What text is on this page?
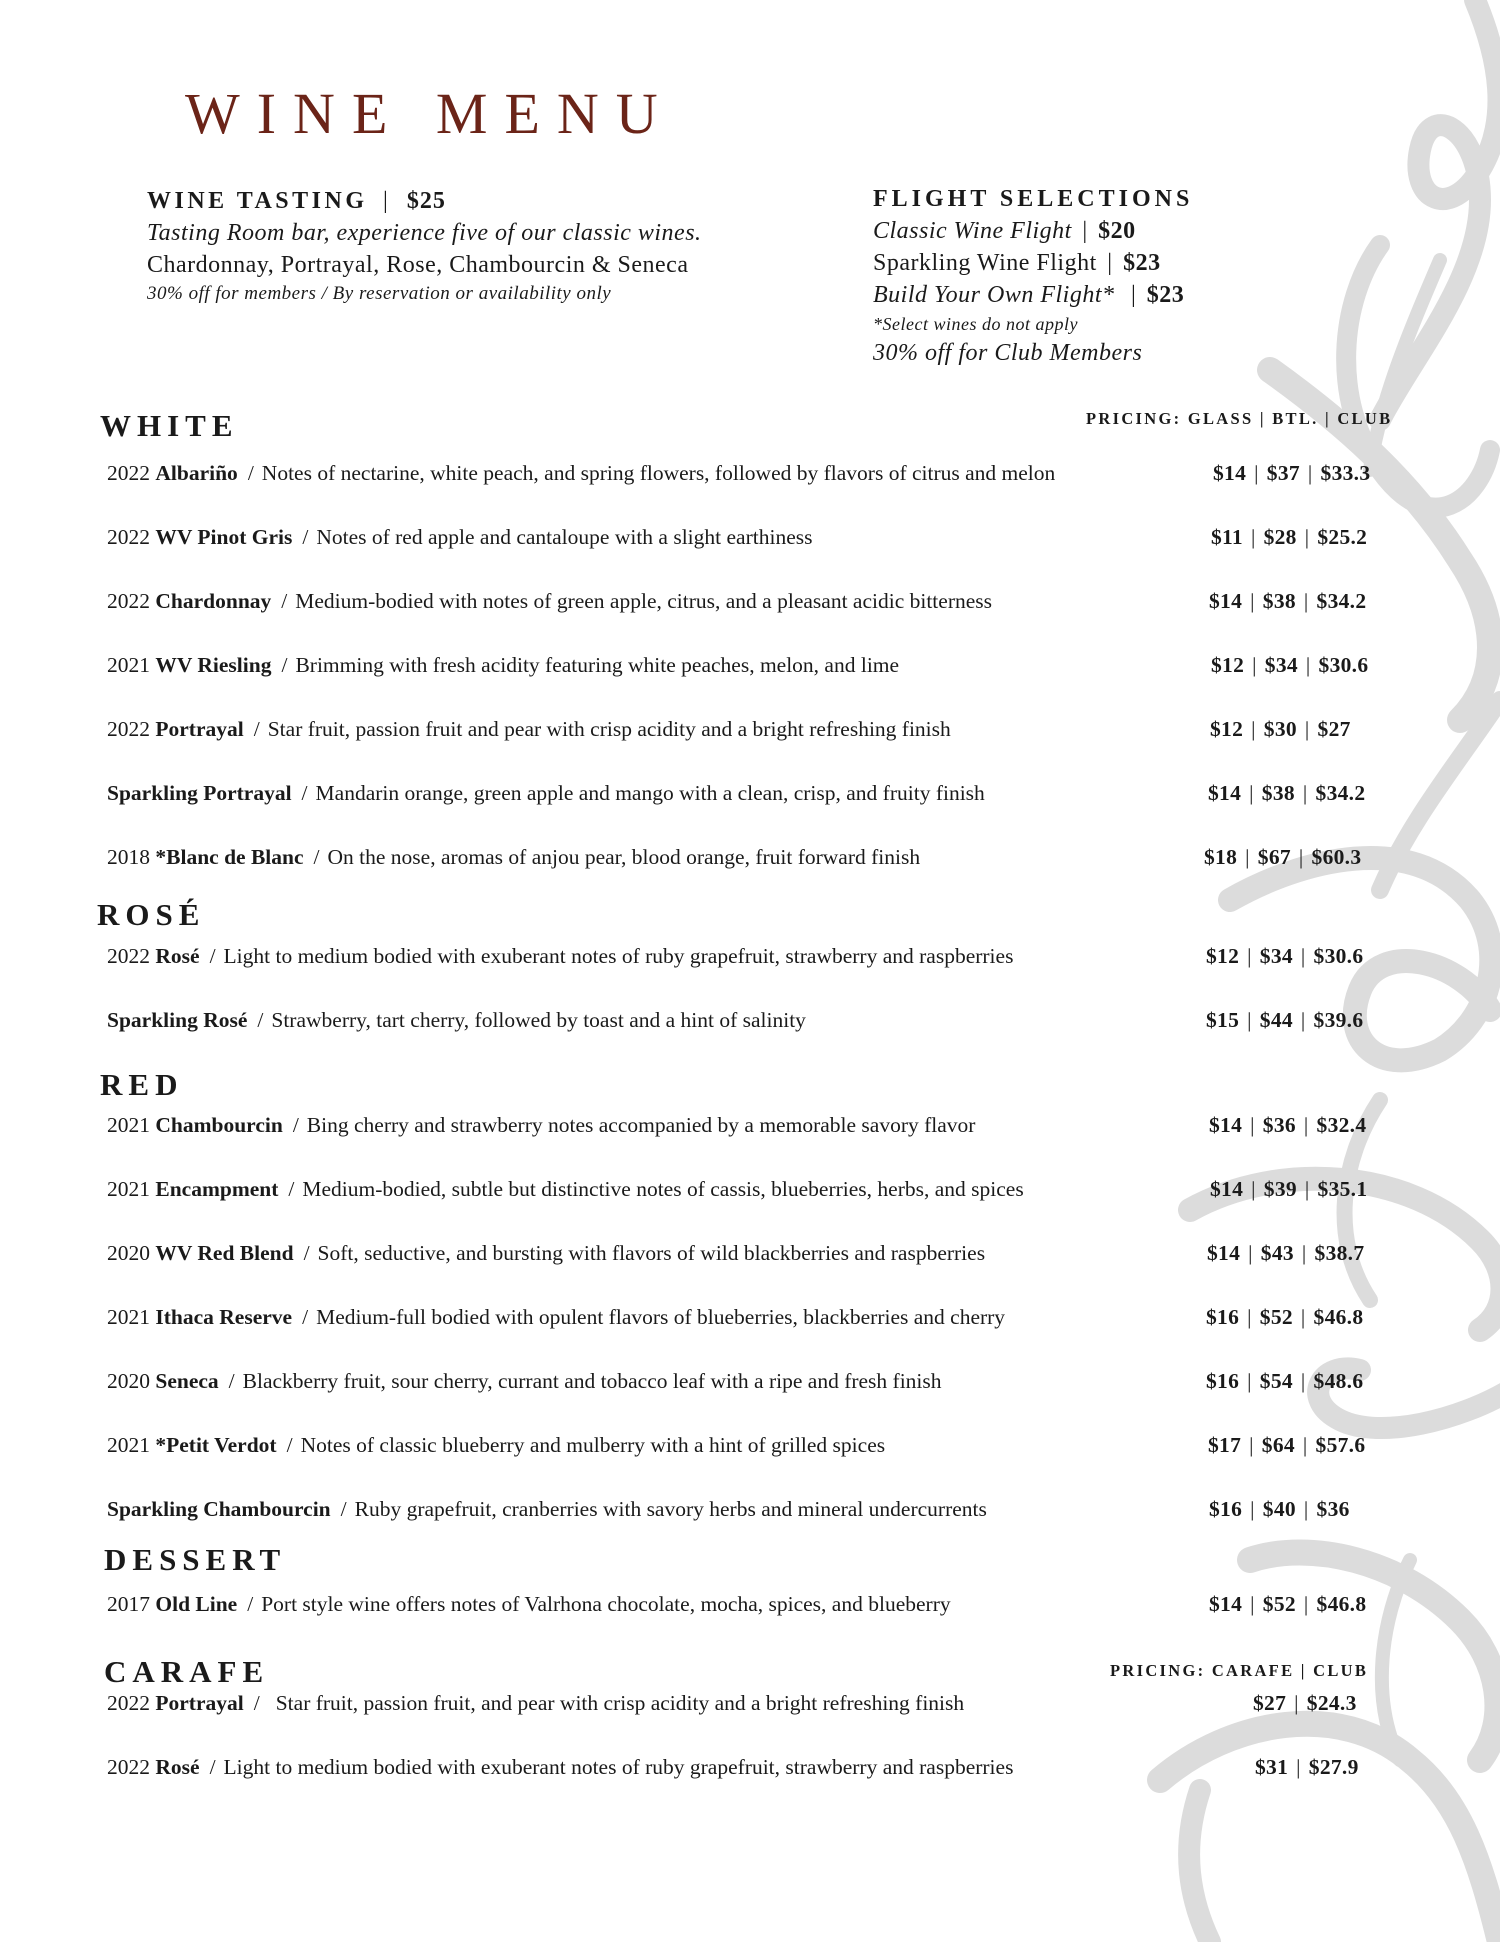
WINE MENU
WINE TASTING | $25
Tasting Room bar, experience five of our classic wines.
Chardonnay, Portrayal, Rose, Chambourcin & Seneca
30% off for members / By reservation or availability only
FLIGHT SELECTIONS
Classic Wine Flight | $20
Sparkling Wine Flight | $23
Build Your Own Flight* | $23
*Select wines do not apply
30% off for Club Members
WHITE	PRICING: GLASS | BTL. | CLUB
ROSÉ
RED
DESSERT
CARAFE	PRICING: CARAFE | CLUB
2022 Albariño / Notes of nectarine, white peach, and spring flowers, followed by flavors of citrus and melon	$14 | $37 | $33.3
2022 WV Pinot Gris / Notes of red apple and cantaloupe with a slight earthiness	$11 | $28 | $25.2
2022 Chardonnay / Medium-bodied with notes of green apple, citrus, and a pleasant acidic bitterness	$14 | $38 | $34.2
2021 WV Riesling / Brimming with fresh acidity featuring white peaches, melon, and lime	$12 | $34 | $30.6
2022 Portrayal / Star fruit, passion fruit and pear with crisp acidity and a bright refreshing finish	$12 | $30 | $27
Sparkling Portrayal / Mandarin orange, green apple and mango with a clean, crisp, and fruity finish	$14 | $38 | $34.2
2018 *Blanc de Blanc / On the nose, aromas of anjou pear, blood orange, fruit forward finish	$18 | $67 | $60.3
2022 Rosé / Light to medium bodied with exuberant notes of ruby grapefruit, strawberry and raspberries	$12 | $34 | $30.6
Sparkling Rosé / Strawberry, tart cherry, followed by toast and a hint of salinity	$15 | $44 | $39.6
2021 Chambourcin / Bing cherry and strawberry notes accompanied by a memorable savory flavor	$14 | $36 | $32.4
2021 Encampment / Medium-bodied, subtle but distinctive notes of cassis, blueberries, herbs, and spices	$14 | $39 | $35.1
2020 WV Red Blend / Soft, seductive, and bursting with flavors of wild blackberries and raspberries	$14 | $43 | $38.7
2021 Ithaca Reserve / Medium-full bodied with opulent flavors of blueberries, blackberries and cherry	$16 | $52 | $46.8
2020 Seneca / Blackberry fruit, sour cherry, currant and tobacco leaf with a ripe and fresh finish	$16 | $54 | $48.6
2021 *Petit Verdot / Notes of classic blueberry and mulberry with a hint of grilled spices	$17 | $64 | $57.6
Sparkling Chambourcin / Ruby grapefruit, cranberries with savory herbs and mineral undercurrents	$16 | $40 | $36
2017 Old Line / Port style wine offers notes of Valrhona chocolate, mocha, spices, and blueberry	$14 | $52 | $46.8
2022 Portrayal / Star fruit, passion fruit, and pear with crisp acidity and a bright refreshing finish	$27 | $24.3
2022 Rosé / Light to medium bodied with exuberant notes of ruby grapefruit, strawberry and raspberries	$31 | $27.9
